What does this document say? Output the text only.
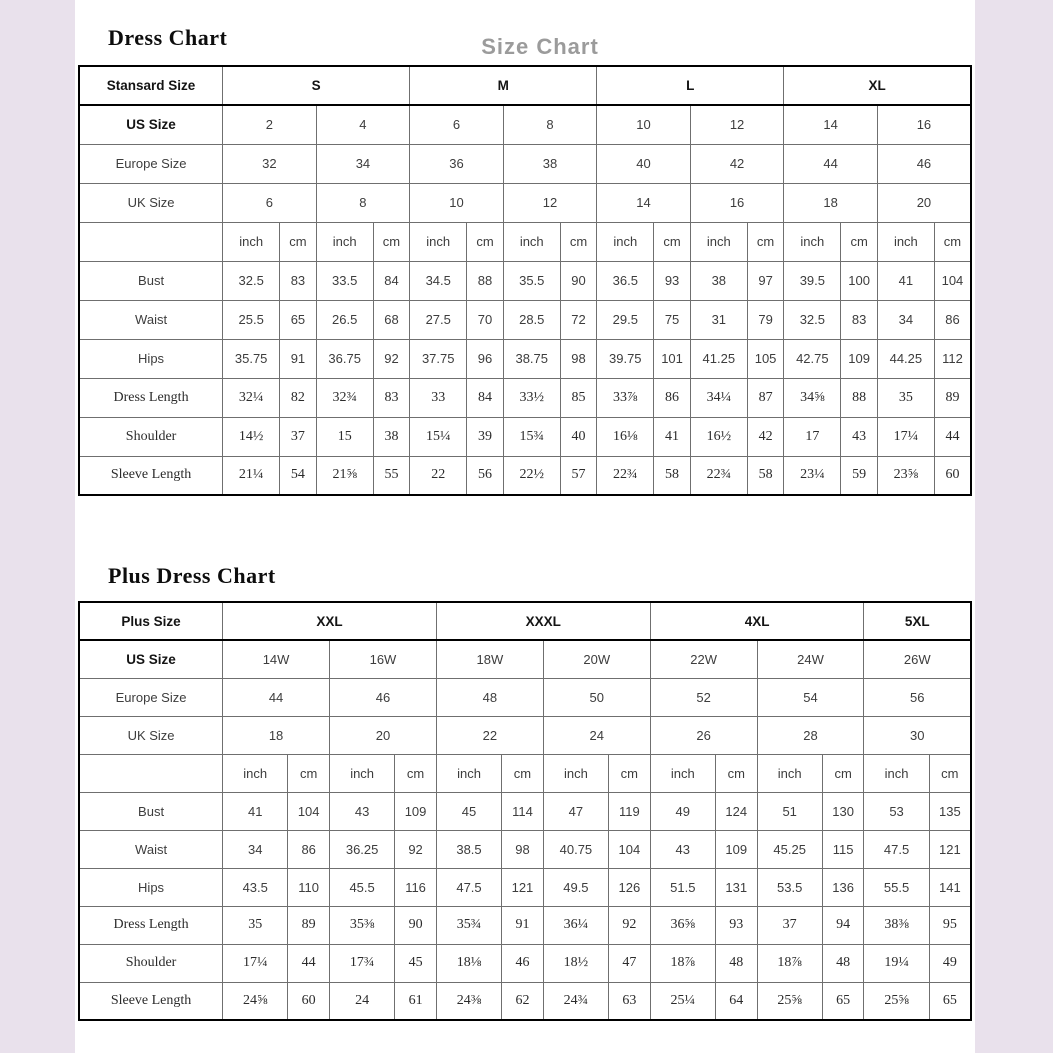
Dress Chart	Size Chart
Stansard Size	S				M				L				XL			
US Size	2		4		6		8		10		12		14		16	
Europe Size	32		34		36		38		40		42		44		46	
UK Size	6		8		10		12		14		16		18		20	
	inch	cm	inch	cm	inch	cm	inch	cm	inch	cm	inch	cm	inch	cm	inch	cm
Bust	32.5	83	33.5	84	34.5	88	35.5	90	36.5	93	38	97	39.5	100	41	104
Waist	25.5	65	26.5	68	27.5	70	28.5	72	29.5	75	31	79	32.5	83	34	86
Hips	35.75	91	36.75	92	37.75	96	38.75	98	39.75	101	41.25	105	42.75	109	44.25	112
Dress Length	32¼	82	32¾	83	33	84	33½	85	33⅞	86	34¼	87	34⅝	88	35	89
Shoulder	14½	37	15	38	15¼	39	15¾	40	16⅛	41	16½	42	17	43	17¼	44
Sleeve Length	21¼	54	21⅝	55	22	56	22½	57	22¾	58	22¾	58	23¼	59	23⅝	60
Plus Dress Chart
Plus Size	XXL				XXXL				4XL				5XL	
US Size	14W		16W		18W		20W		22W		24W		26W	
Europe Size	44		46		48		50		52		54		56	
UK Size	18		20		22		24		26		28		30	
	inch	cm	inch	cm	inch	cm	inch	cm	inch	cm	inch	cm	inch	cm
Bust	41	104	43	109	45	114	47	119	49	124	51	130	53	135
Waist	34	86	36.25	92	38.5	98	40.75	104	43	109	45.25	115	47.5	121
Hips	43.5	110	45.5	116	47.5	121	49.5	126	51.5	131	53.5	136	55.5	141
Dress Length	35	89	35⅜	90	35¾	91	36¼	92	36⅝	93	37	94	38⅜	95
Shoulder	17¼	44	17¾	45	18⅛	46	18½	47	18⅞	48	18⅞	48	19¼	49
Sleeve Length	24⅝	60	24	61	24⅜	62	24¾	63	25¼	64	25⅝	65	25⅝	65
